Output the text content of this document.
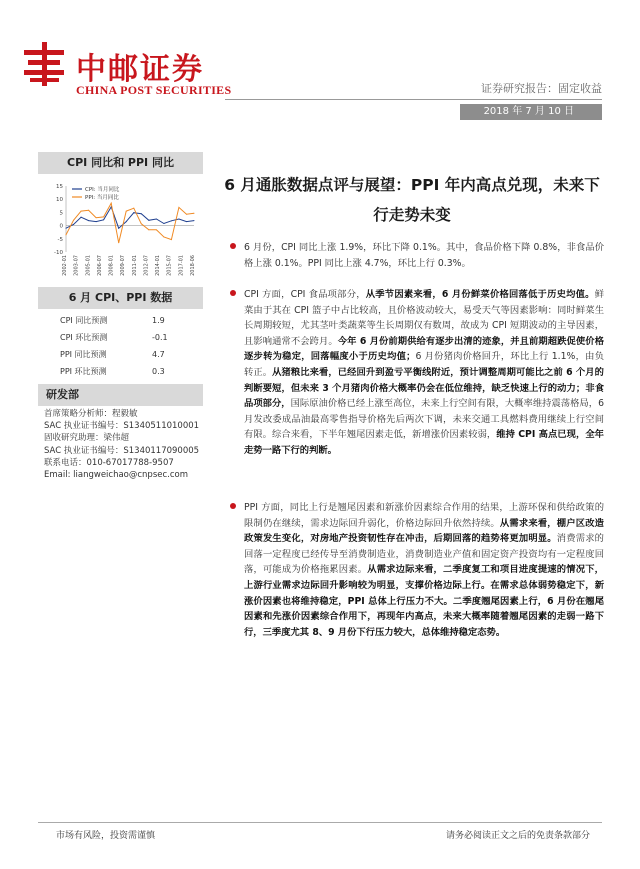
中邮证券
CHINA POST SECURITIES	证券研究报告：固定收益
2018 年 7 月 10 日
CPI 同比和 PPI 同比
15
10
5
0
-5
-10
2002-01 2003-07 2005-01 2006-07 2008-01 2009-07 2011-01 2012-07 2014-01 2015-07 2017-01 2018-06
CPI: 当月同比
PPI: 当月同比
6 月 CPI、PPI 数据
CPI 同比预测	1.9
CPI 环比预测	-0.1
PPI 同比预测	4.7
PPI 环比预测	0.3
研发部
首席策略分析师：程毅敏
SAC 执业证书编号：S1340511010001
固收研究助理：梁伟超
SAC 执业证书编号：S1340117090005
联系电话：010-67017788-9507
Email: liangweichao@cnpsec.com
6 月通胀数据点评与展望：PPI 年内高点兑现，未来下行走势未变
6 月份，CPI 同比上涨 1.9%，环比下降 0.1%。其中，食品价格下降 0.8%，非食品价格上涨 0.1%。PPI 同比上涨 4.7%，环比上行 0.3%。
CPI 方面，CPI 食品项部分，从季节因素来看，6 月份鲜菜价格回落低于历史均值。鲜菜由于其在 CPI 篮子中占比较高，且价格波动较大，易受天气等因素影响：同时鲜菜生长周期较短，尤其茎叶类蔬菜等生长周期仅有数周，故成为 CPI 短期波动的主导因素，且影响通常不会跨月。今年 6 月份前期供给有逐步出清的迹象，并且前期超跌促使价格逐步转为稳定，回落幅度小于历史均值；6 月份猪肉价格回升，环比上行 1.1%，由负转正。从猪粮比来看，已经回升到盈亏平衡线附近，预计调整周期可能比之前 6 个月的判断要短，但未来 3 个月猪肉价格大概率仍会在低位维持，缺乏快速上行的动力；非食品项部分，国际原油价格已经上涨至高位，未来上行空间有限，大概率维持震荡格局，6 月发改委成品油最高零售指导价格先后两次下调，未来交通工具燃料费用继续上行空间有限。综合来看，下半年翘尾因素走低，新增涨价因素较弱，维持 CPI 高点已现，全年走势一路下行的判断。
PPI 方面，同比上行是翘尾因素和新涨价因素综合作用的结果，上游环保和供给政策的限制仍在继续，需求边际回升弱化，价格边际回升依然持续。从需求来看，棚户区改造政策发生变化，对房地产投资韧性存在冲击，后期回落的趋势将更加明显。消费需求的回落一定程度已经传导至消费制造业，消费制造业产值和固定资产投资均有一定程度回落，可能成为价格拖累因素。从需求边际来看，二季度复工和项目进度提速的情况下，上游行业需求边际回升影响较为明显，支撑价格边际上行。在需求总体弱势稳定下，新涨价因素也将维持稳定，PPI 总体上行压力不大。二季度翘尾因素上行，6 月份在翘尾因素和先涨价因素综合作用下，再现年内高点，未来大概率随着翘尾因素的走弱一路下行，三季度尤其 8、9 月份下行压力较大，总体维持稳定态势。
市场有风险，投资需谨慎	请务必阅读正文之后的免责条款部分
